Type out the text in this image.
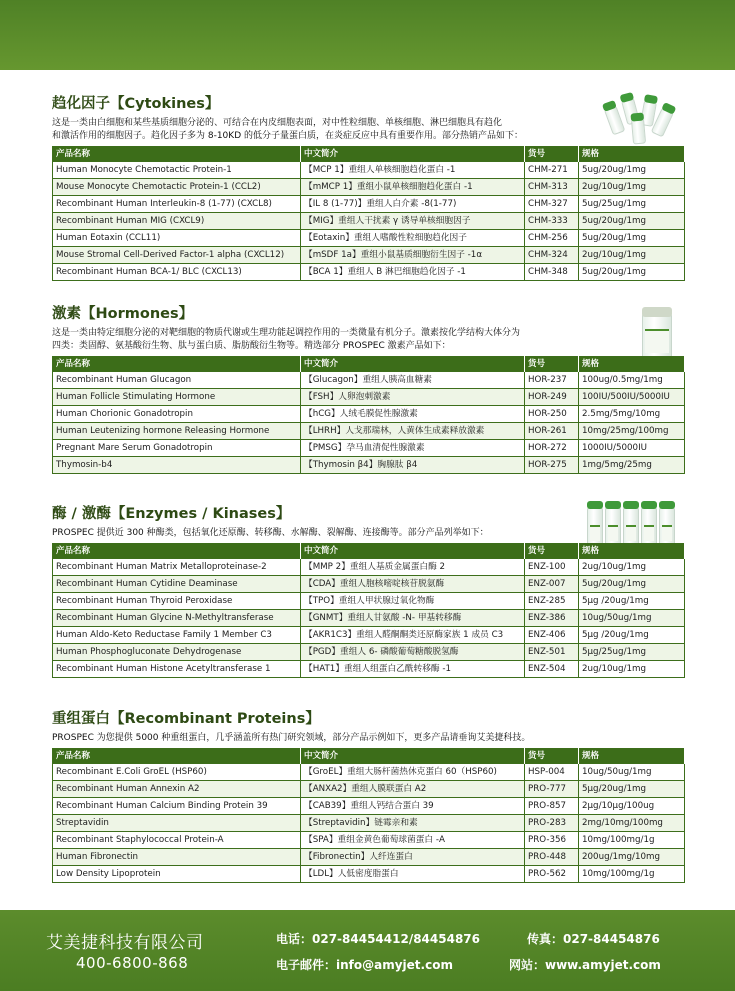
趋化因子【Cytokines】
这是一类由白细胞和某些基质细胞分泌的、可结合在内皮细胞表面，对中性粒细胞、单核细胞、淋巴细胞具有趋化
和激活作用的细胞因子。趋化因子多为 8-10KD 的低分子量蛋白质，在炎症反应中具有重要作用。部分热销产品如下：
产品名称	中文简介	货号	规格
Human Monocyte Chemotactic Protein-1	【MCP 1】重组人单核细胞趋化蛋白 -1	CHM-271	5ug/20ug/1mg
Mouse Monocyte Chemotactic Protein-1 (CCL2)	【mMCP 1】重组小鼠单核细胞趋化蛋白 -1	CHM-313	2ug/10ug/1mg
Recombinant Human Interleukin-8 (1-77) (CXCL8)	【IL 8 (1-77)】重组人白介素 -8(1-77)	CHM-327	5ug/25ug/1mg
Recombinant Human MIG (CXCL9)	【MIG】重组人干扰素 γ 诱导单核细胞因子	CHM-333	5ug/20ug/1mg
Human Eotaxin (CCL11)	【Eotaxin】重组人嗜酸性粒细胞趋化因子	CHM-256	5ug/20ug/1mg
Mouse Stromal Cell-Derived Factor-1 alpha (CXCL12)	【mSDF 1a】重组小鼠基质细胞衍生因子 -1α	CHM-324	2ug/10ug/1mg
Recombinant Human BCA-1/ BLC (CXCL13)	【BCA 1】重组人 B 淋巴细胞趋化因子 -1	CHM-348	5ug/20ug/1mg
激素【Hormones】
这是一类由特定细胞分泌的对靶细胞的物质代谢或生理功能起调控作用的一类微量有机分子。激素按化学结构大体分为
四类：类固醇、氨基酸衍生物、肽与蛋白质、脂肪酸衍生物等。精选部分 PROSPEC 激素产品如下：
产品名称	中文简介	货号	规格
Recombinant Human Glucagon	【Glucagon】重组人胰高血糖素	HOR-237	100ug/0.5mg/1mg
Human Follicle Stimulating Hormone	【FSH】人卵泡刺激素	HOR-249	100IU/500IU/5000IU
Human Chorionic Gonadotropin	【hCG】人绒毛膜促性腺激素	HOR-250	2.5mg/5mg/10mg
Human Leutenizing hormone Releasing Hormone	【LHRH】人戈那瑞林，人黄体生成素释放激素	HOR-261	10mg/25mg/100mg
Pregnant Mare Serum Gonadotropin	【PMSG】孕马血清促性腺激素	HOR-272	1000IU/5000IU
Thymosin-b4	【Thymosin β4】胸腺肽 β4	HOR-275	1mg/5mg/25mg
酶 / 激酶【Enzymes / Kinases】
PROSPEC 提供近 300 种酶类，包括氧化还原酶、转移酶、水解酶、裂解酶、连接酶等。部分产品列举如下：
产品名称	中文简介	货号	规格
Recombinant Human Matrix Metalloproteinase-2	【MMP 2】重组人基质金属蛋白酶 2	ENZ-100	2ug/10ug/1mg
Recombinant Human Cytidine Deaminase	【CDA】重组人胞核嘧啶核苷脱氨酶	ENZ-007	5ug/20ug/1mg
Recombinant Human Thyroid Peroxidase	【TPO】重组人甲状腺过氧化物酶	ENZ-285	5μg /20ug/1mg
Recombinant Human Glycine N-Methyltransferase	【GNMT】重组人甘氨酸 -N- 甲基转移酶	ENZ-386	10ug/50ug/1mg
Human Aldo-Keto Reductase Family 1 Member C3	【AKR1C3】重组人醛酮酮类还原酶家族 1 成员 C3	ENZ-406	5μg /20ug/1mg
Human Phosphogluconate Dehydrogenase	【PGD】重组人 6- 磷酸葡萄糖酸脱氢酶	ENZ-501	5μg/25ug/1mg
Recombinant Human Histone Acetyltransferase 1	【HAT1】重组人组蛋白乙酰转移酶 -1	ENZ-504	2ug/10ug/1mg
重组蛋白【Recombinant Proteins】
PROSPEC 为您提供 5000 种重组蛋白，几乎涵盖所有热门研究领域，部分产品示例如下，更多产品请垂询艾美捷科技。
产品名称	中文简介	货号	规格
Recombinant E.Coli GroEL (HSP60)	【GroEL】重组大肠杆菌热休克蛋白 60（HSP60)	HSP-004	10ug/50ug/1mg
Recombinant Human Annexin A2	【ANXA2】重组人膜联蛋白 A2	PRO-777	5μg/20ug/1mg
Recombinant Human Calcium Binding Protein 39	【CAB39】重组人钙结合蛋白 39	PRO-857	2μg/10μg/100ug
Streptavidin	【Streptavidin】链霉亲和素	PRO-283	2mg/10mg/100mg
Recombinant Staphylococcal Protein-A	【SPA】重组金黄色葡萄球菌蛋白 -A	PRO-356	10mg/100mg/1g
Human Fibronectin	【Fibronectin】人纤连蛋白	PRO-448	200ug/1mg/10mg
Low Density Lipoprotein	【LDL】人低密度脂蛋白	PRO-562	10mg/100mg/1g
艾美捷科技有限公司
400-6800-868
电话：027-84454412/84454876	传真：027-84454876
电子邮件：info@amyjet.com	网站：www.amyjet.com
